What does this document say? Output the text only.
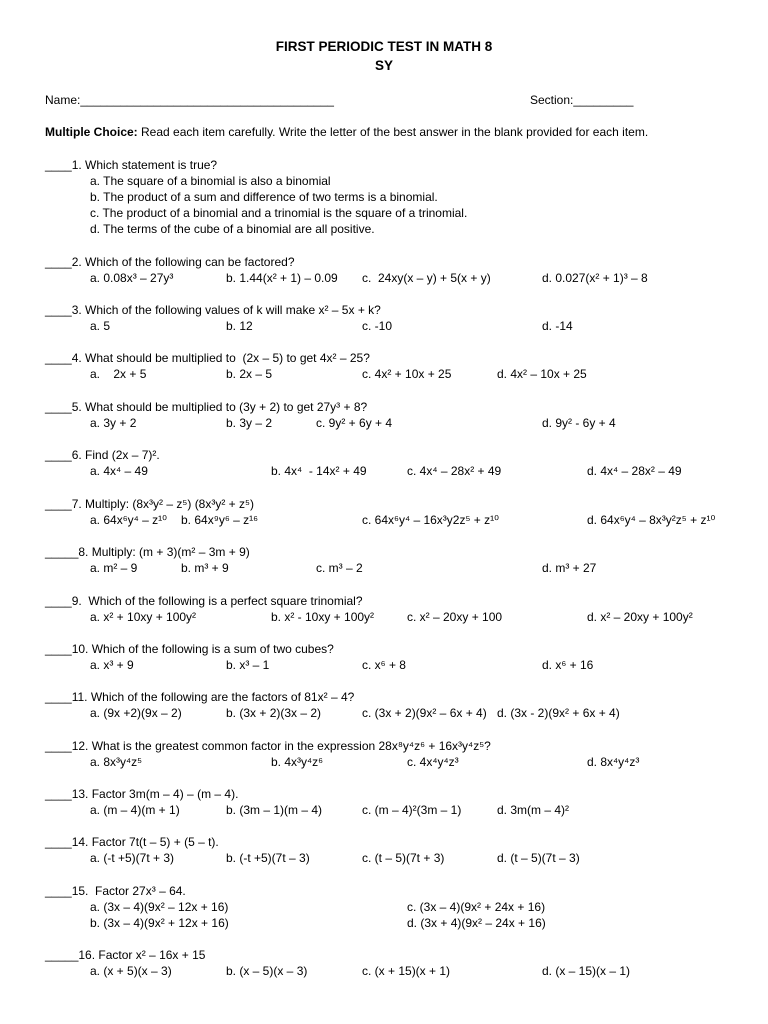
FIRST PERIODIC TEST IN MATH 8
SY
Name:______________________________________	Section:_________
Multiple Choice: Read each item carefully. Write the letter of the best answer in the blank provided for each item.
____1. Which statement is true?
a. The square of a binomial is also a binomial
b. The product of a sum and difference of two terms is a binomial.
c. The product of a binomial and a trinomial is the square of a trinomial.
d. The terms of the cube of a binomial are all positive.
____2. Which of the following can be factored?
a. 0.08x³ – 27y³	b. 1.44(x² + 1) – 0.09 c.  24xy(x – y) + 5(x + y)	d. 0.027(x² + 1)³ – 8
____3. Which of the following values of k will make x² – 5x + k?
a. 5	b. 12	c. -10	d. -14
____4. What should be multiplied to  (2x – 5) to get 4x² – 25?
a.    2x + 5	b. 2x – 5	c. 4x² + 10x + 25	d. 4x² – 10x + 25
____5. What should be multiplied to (3y + 2) to get 27y³ + 8?
a. 3y + 2	b. 3y – 2	c. 9y² + 6y + 4	d. 9y² - 6y + 4
____6. Find (2x – 7)².
a. 4x⁴ – 49	b. 4x⁴  - 14x² + 49	c. 4x⁴ – 28x² + 49	d. 4x⁴ – 28x² – 49
____7. Multiply: (8x³y² – z⁵) (8x³y² + z⁵)
a. 64x⁶y⁴ – z¹⁰ b. 64x⁹y⁶ – z¹⁶	c. 64x⁶y⁴ – 16x³y2z⁵ + z¹⁰	d. 64x⁶y⁴ – 8x³y²z⁵ + z¹⁰
_____8. Multiply: (m + 3)(m² – 3m + 9)
a. m² – 9	b. m³ + 9	c. m³ – 2	d. m³ + 27
____9.  Which of the following is a perfect square trinomial?
a. x² + 10xy + 100y²	b. x² - 10xy + 100y²	c. x² – 20xy + 100	d. x² – 20xy + 100y²
____10. Which of the following is a sum of two cubes?
a. x³ + 9	b. x³ – 1	c. x⁶ + 8	d. x⁶ + 16
____11. Which of the following are the factors of 81x² – 4?
a. (9x +2)(9x – 2)	b. (3x + 2)(3x – 2)	c. (3x + 2)(9x² – 6x + 4) d. (3x - 2)(9x² + 6x + 4)
____12. What is the greatest common factor in the expression 28x⁸y⁴z⁶ + 16x³y⁴z⁵?
a. 8x³y⁴z⁵	b. 4x³y⁴z⁶	c. 4x⁴y⁴z³	d. 8x⁴y⁴z³
____13. Factor 3m(m – 4) – (m – 4).
a. (m – 4)(m + 1)	b. (3m – 1)(m – 4)	c. (m – 4)²(3m – 1)	d. 3m(m – 4)²
____14. Factor 7t(t – 5) + (5 – t).
a. (-t +5)(7t + 3)	b. (-t +5)(7t – 3)	c. (t – 5)(7t + 3)	d. (t – 5)(7t – 3)
____15.  Factor 27x³ – 64.
a. (3x – 4)(9x² – 12x + 16)
b. (3x – 4)(9x² + 12x + 16)
c. (3x – 4)(9x² + 24x + 16)
d. (3x + 4)(9x² – 24x + 16)
_____16. Factor x² – 16x + 15
a. (x + 5)(x – 3)	b. (x – 5)(x – 3)	c. (x + 15)(x + 1)	d. (x – 15)(x – 1)
